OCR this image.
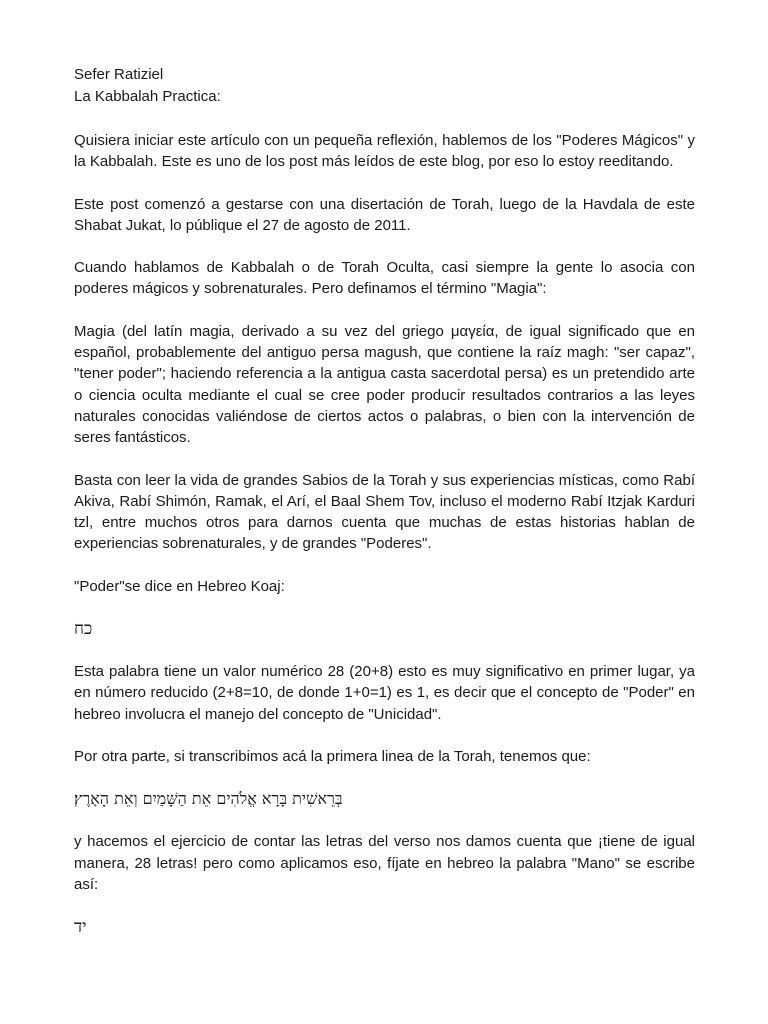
Sefer Ratiziel

La Kabbalah Practica:

Quisiera iniciar este artículo con un pequeña reflexión, hablemos de los "Poderes Mágicos" y la Kabbalah. Este es uno de los post más leídos de este blog, por eso lo estoy reeditando.

Este post comenzó a gestarse con una disertación de Torah, luego de la Havdala de este Shabat Jukat, lo públique el 27 de agosto de 2011.

Cuando hablamos de Kabbalah o de Torah Oculta, casi siempre la gente lo asocia con poderes mágicos y sobrenaturales. Pero definamos el término "Magia":

Magia (del latín magia, derivado a su vez del griego μαγεία, de igual significado que en español, probablemente del antiguo persa magush, que contiene la raíz magh: "ser capaz", "tener poder"; haciendo referencia a la antigua casta sacerdotal persa) es un pretendido arte o ciencia oculta mediante el cual se cree poder producir resultados contrarios a las leyes naturales conocidas valiéndose de ciertos actos o palabras, o bien con la intervención de seres fantásticos.

Basta con leer la vida de grandes Sabios de la Torah y sus experiencias místicas, como Rabí Akiva, Rabí Shimón, Ramak, el Arí, el Baal Shem Tov, incluso el moderno Rabí Itzjak Karduri tzl, entre muchos otros para darnos cuenta que muchas de estas historias hablan de experiencias sobrenaturales, y de grandes "Poderes".

"Poder"se dice en Hebreo Koaj:

כח

Esta palabra tiene un valor numérico 28 (20+8) esto es muy significativo en primer lugar, ya en número reducido (2+8=10, de donde 1+0=1) es 1, es decir que el concepto de "Poder" en hebreo involucra el manejo del concepto de "Unicidad".

Por otra parte, si transcribimos acá la primera linea de la Torah, tenemos que:

בְּרֵאשִׁית בָּרָא אֱלֹהִים אֵת הַשָּׁמַיִם וְאֵת הָאָרֶץ׃

y hacemos el ejercicio de contar las letras del verso nos damos cuenta que ¡tiene de igual manera, 28 letras! pero como aplicamos eso, fíjate en hebreo la palabra "Mano" se escribe así:

יד
